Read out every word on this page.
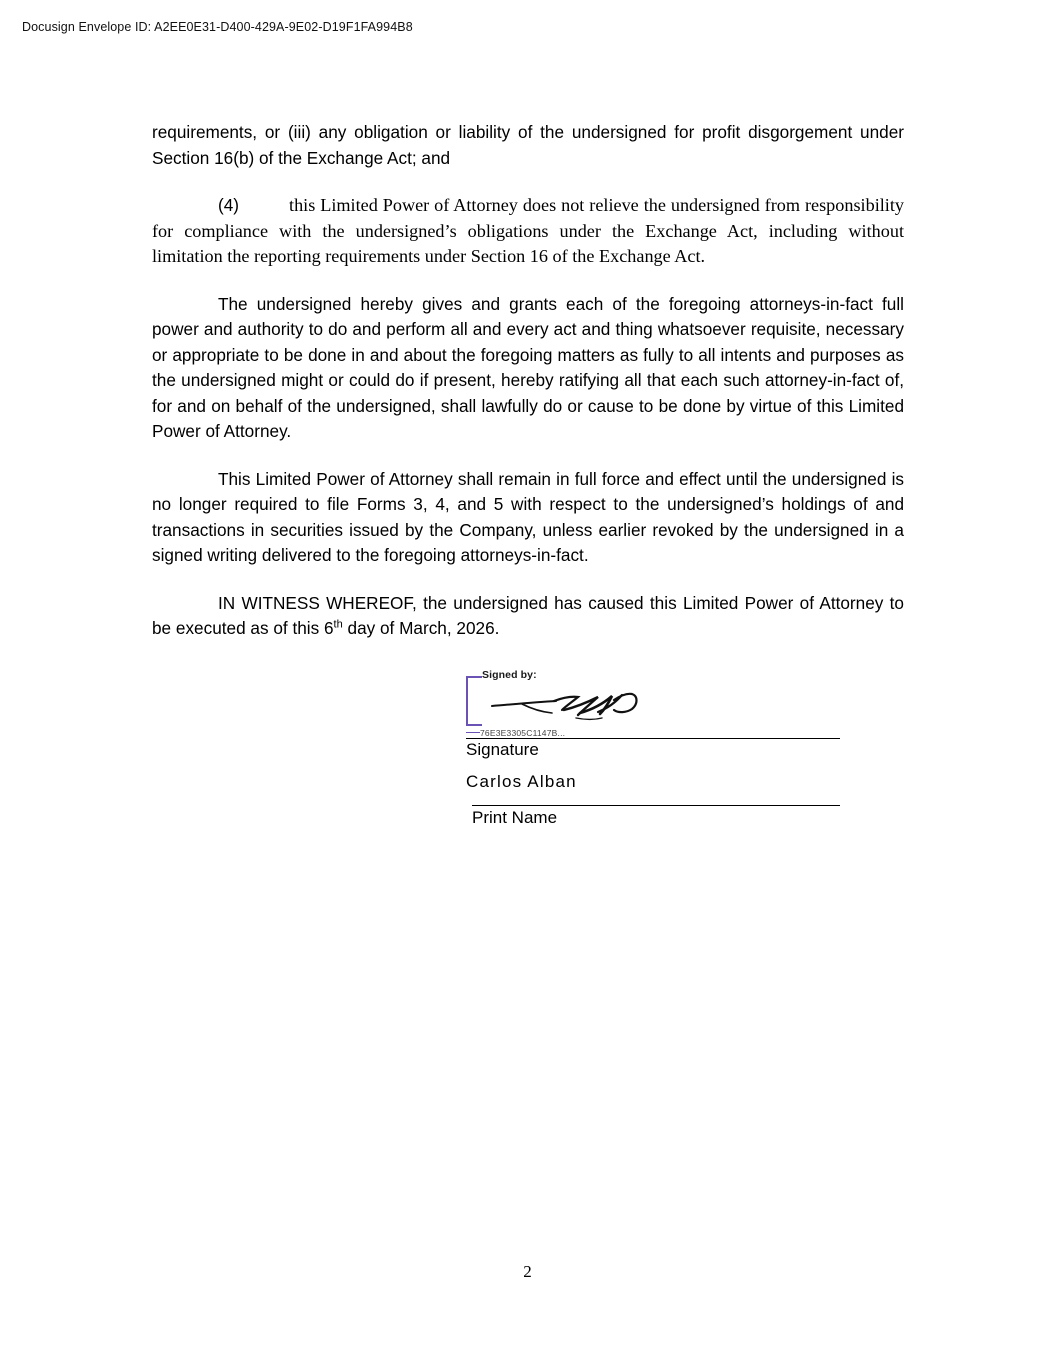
Docusign Envelope ID: A2EE0E31-D400-429A-9E02-D19F1FA994B8

requirements, or (iii) any obligation or liability of the undersigned for profit disgorgement under Section 16(b) of the Exchange Act; and

(4)	this Limited Power of Attorney does not relieve the undersigned from responsibility for compliance with the undersigned’s obligations under the Exchange Act, including without limitation the reporting requirements under Section 16 of the Exchange Act.

The undersigned hereby gives and grants each of the foregoing attorneys-in-fact full power and authority to do and perform all and every act and thing whatsoever requisite, necessary or appropriate to be done in and about the foregoing matters as fully to all intents and purposes as the undersigned might or could do if present, hereby ratifying all that each such attorney-in-fact of, for and on behalf of the undersigned, shall lawfully do or cause to be done by virtue of this Limited Power of Attorney.

This Limited Power of Attorney shall remain in full force and effect until the undersigned is no longer required to file Forms 3, 4, and 5 with respect to the undersigned’s holdings of and transactions in securities issued by the Company, unless earlier revoked by the undersigned in a signed writing delivered to the foregoing attorneys-in-fact.

IN WITNESS WHEREOF, the undersigned has caused this Limited Power of Attorney to be executed as of this 6th day of March, 2026.

Signed by:
76E3E3305C1147B...
Signature
Carlos Alban
Print Name
2
